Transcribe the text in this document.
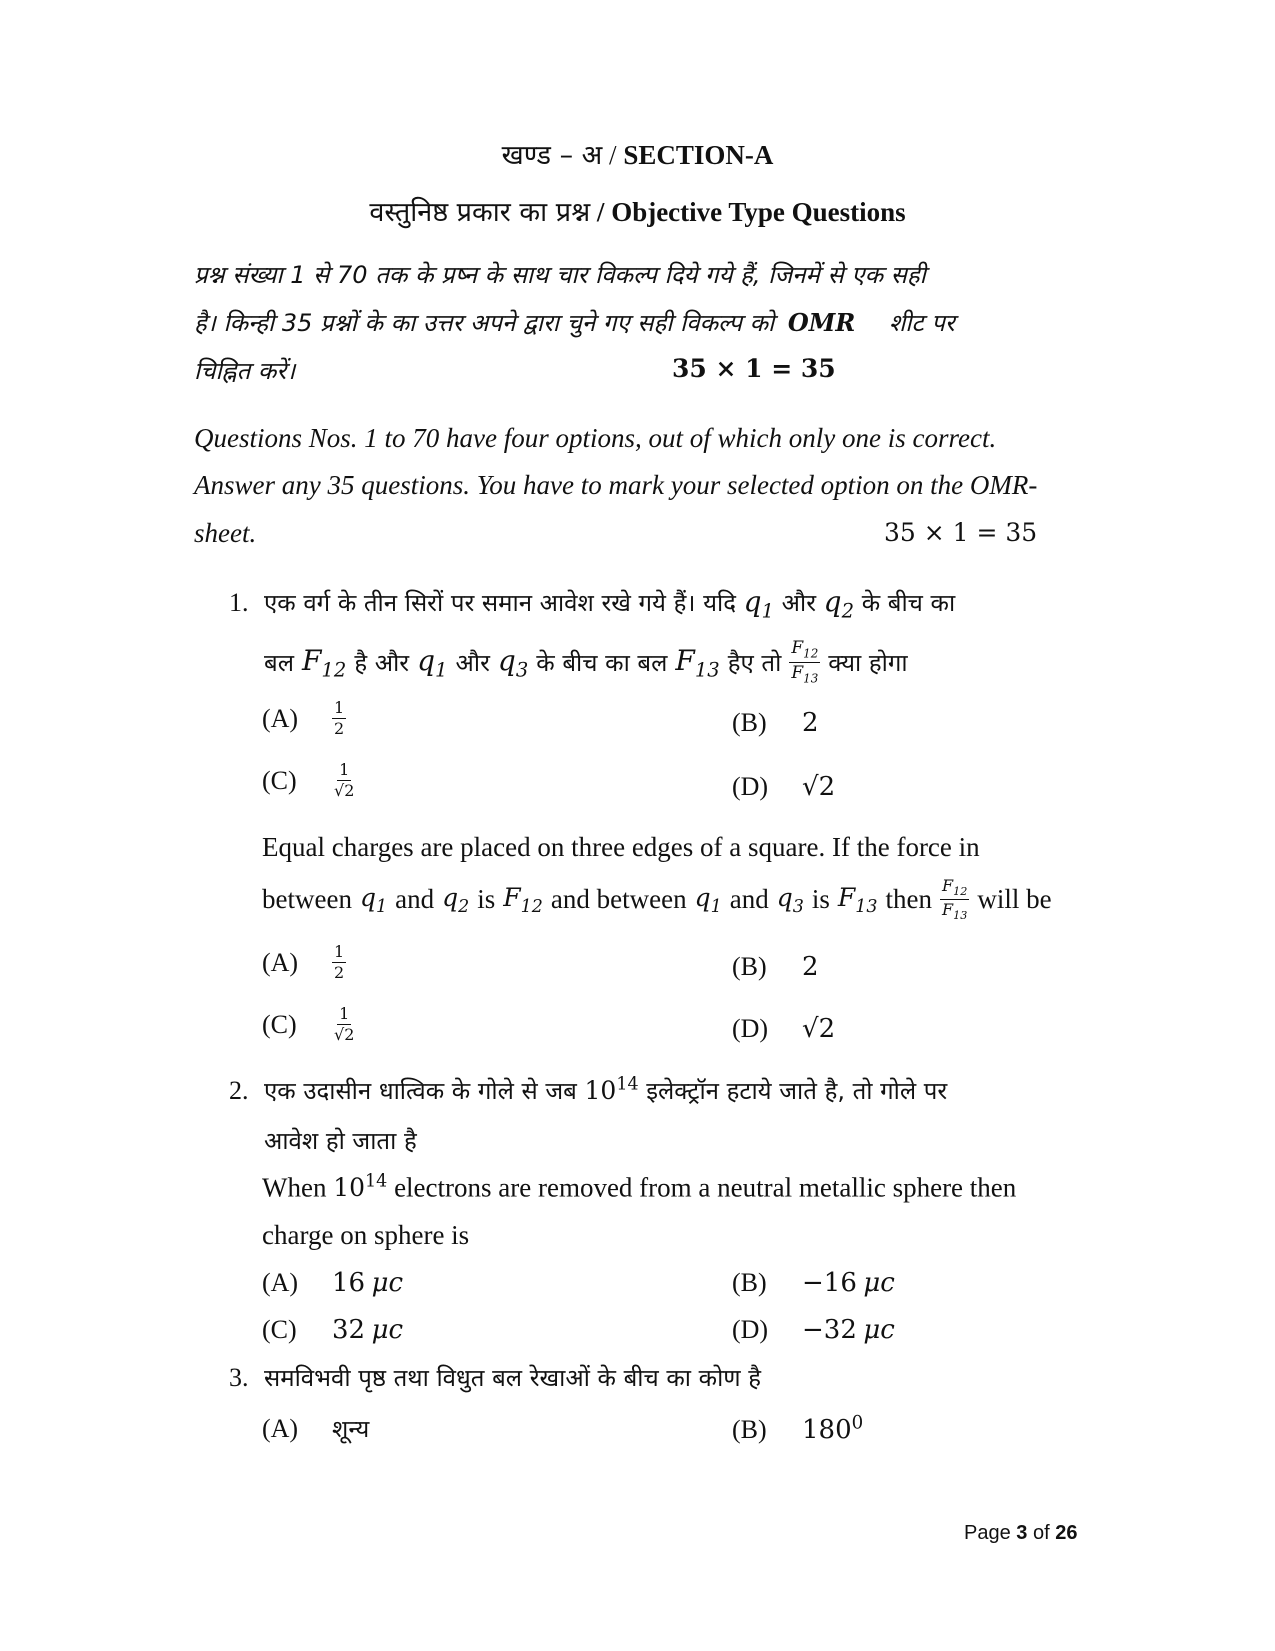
खण्ड – अ / SECTION-A
वस्तुनिष्ठ प्रकार का प्रश्न / Objective Type Questions
प्रश्न संख्या 1 से 70 तक के प्रष्न के साथ चार विकल्प दिये गये हैं, जिनमें से एक सही
है। किन्ही 35 प्रश्नों के का उत्तर अपने द्वारा चुने गए सही विकल्प को OMR शीट पर
चिह्नित करें।	35 × 1 = 35
Questions Nos. 1 to 70 have four options, out of which only one is correct.
Answer any 35 questions. You have to mark your selected option on the OMR-
sheet.	35 × 1 = 35
1. एक वर्ग के तीन सिरों पर समान आवेश रखे गये हैं। यदि $q_1$ और $q_2$ के बीच का
बल $F_{12}$ है और $q_1$ और $q_3$ के बीच का बल $F_{13}$ हैए तो $\frac{F_{12}}{F_{13}}$ क्या होगा
(A)	$\frac{1}{2}$	(B) 2
(C)	$\frac{1}{√2}$	(D) √2
Equal charges are placed on three edges of a square. If the force in
between $q_1$ and $q_2$ is $F_{12}$ and between $q_1$ and $q_3$ is $F_{13}$ then $\frac{F_{12}}{F_{13}}$ will be
(A)	$\frac{1}{2}$	(B) 2
(C)	$\frac{1}{√2}$	(D) √2
2. एक उदासीन धात्विक के गोले से जब $10^{14}$ इलेक्ट्रॉन हटाये जाते है, तो गोले पर
आवेश हो जाता है
When $10^{14}$ electrons are removed from a neutral metallic sphere then
charge on sphere is
(A) 16 μc	(B) −16 μc
(C) 32 μc	(D) −32 μc
3. समविभवी पृष्ठ तथा विधुत बल रेखाओं के बीच का कोण है
(A) शून्य	(B) $180^0$
Page 3 of 26
